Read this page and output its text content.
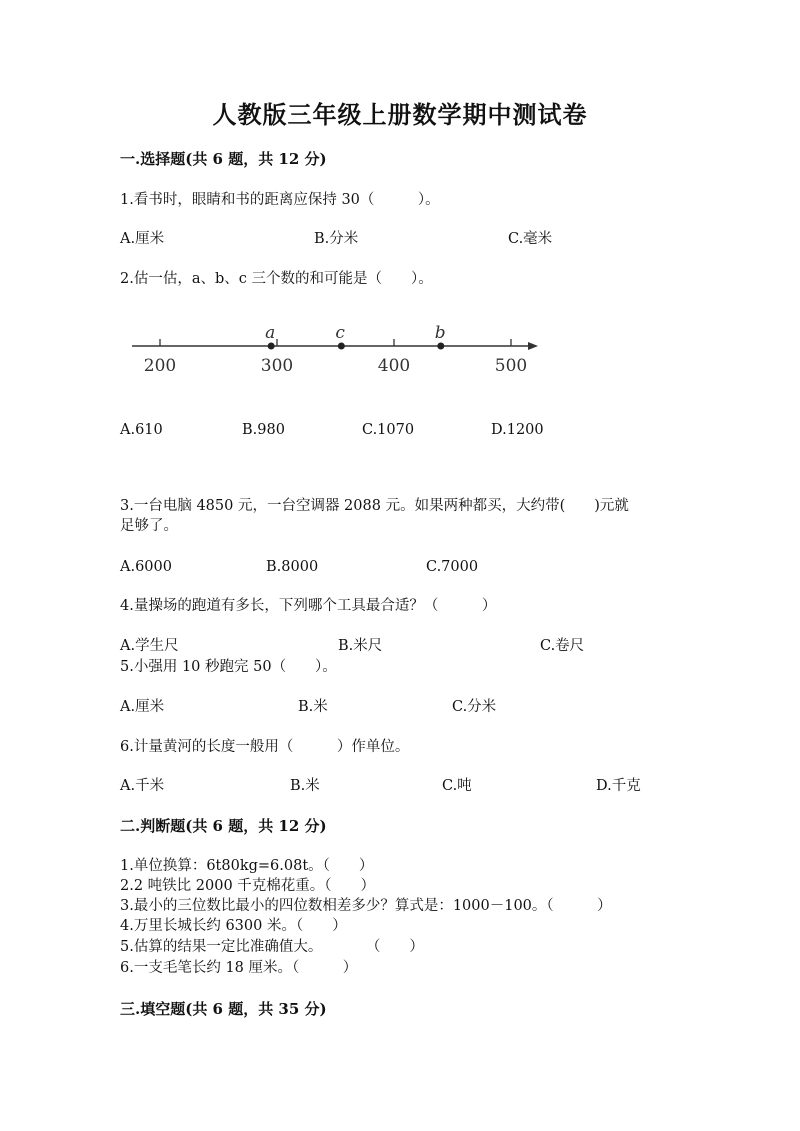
人教版三年级上册数学期中测试卷
一.选择题(共 6 题，共 12 分)
1.看书时，眼睛和书的距离应保持 30（　　　）。
A.厘米	B.分米	C.毫米
2.估一估，a、b、c 三个数的和可能是（　　）。
200	300	400	500
a	c	b
A.610	B.980	C.1070	D.1200
3.一台电脑 4850 元，一台空调器 2088 元。如果两种都买，大约带(　　)元就
足够了。
A.6000	B.8000	C.7000
4.量操场的跑道有多长，下列哪个工具最合适？（　　　）
A.学生尺	B.米尺	C.卷尺
5.小强用 10 秒跑完 50（　　）。
A.厘米	B.米	C.分米
6.计量黄河的长度一般用（　　　）作单位。
A.千米	B.米	C.吨	D.千克
二.判断题(共 6 题，共 12 分)
1.单位换算：6t80kg=6.08t。（　　）
2.2 吨铁比 2000 千克棉花重。（　　）
3.最小的三位数比最小的四位数相差多少？算式是：1000－100。（　　　）
4.万里长城长约 6300 米。（　　）
5.估算的结果一定比准确值大。　　　　（　　）
6.一支毛笔长约 18 厘米。（　　　）
三.填空题(共 6 题，共 35 分)
